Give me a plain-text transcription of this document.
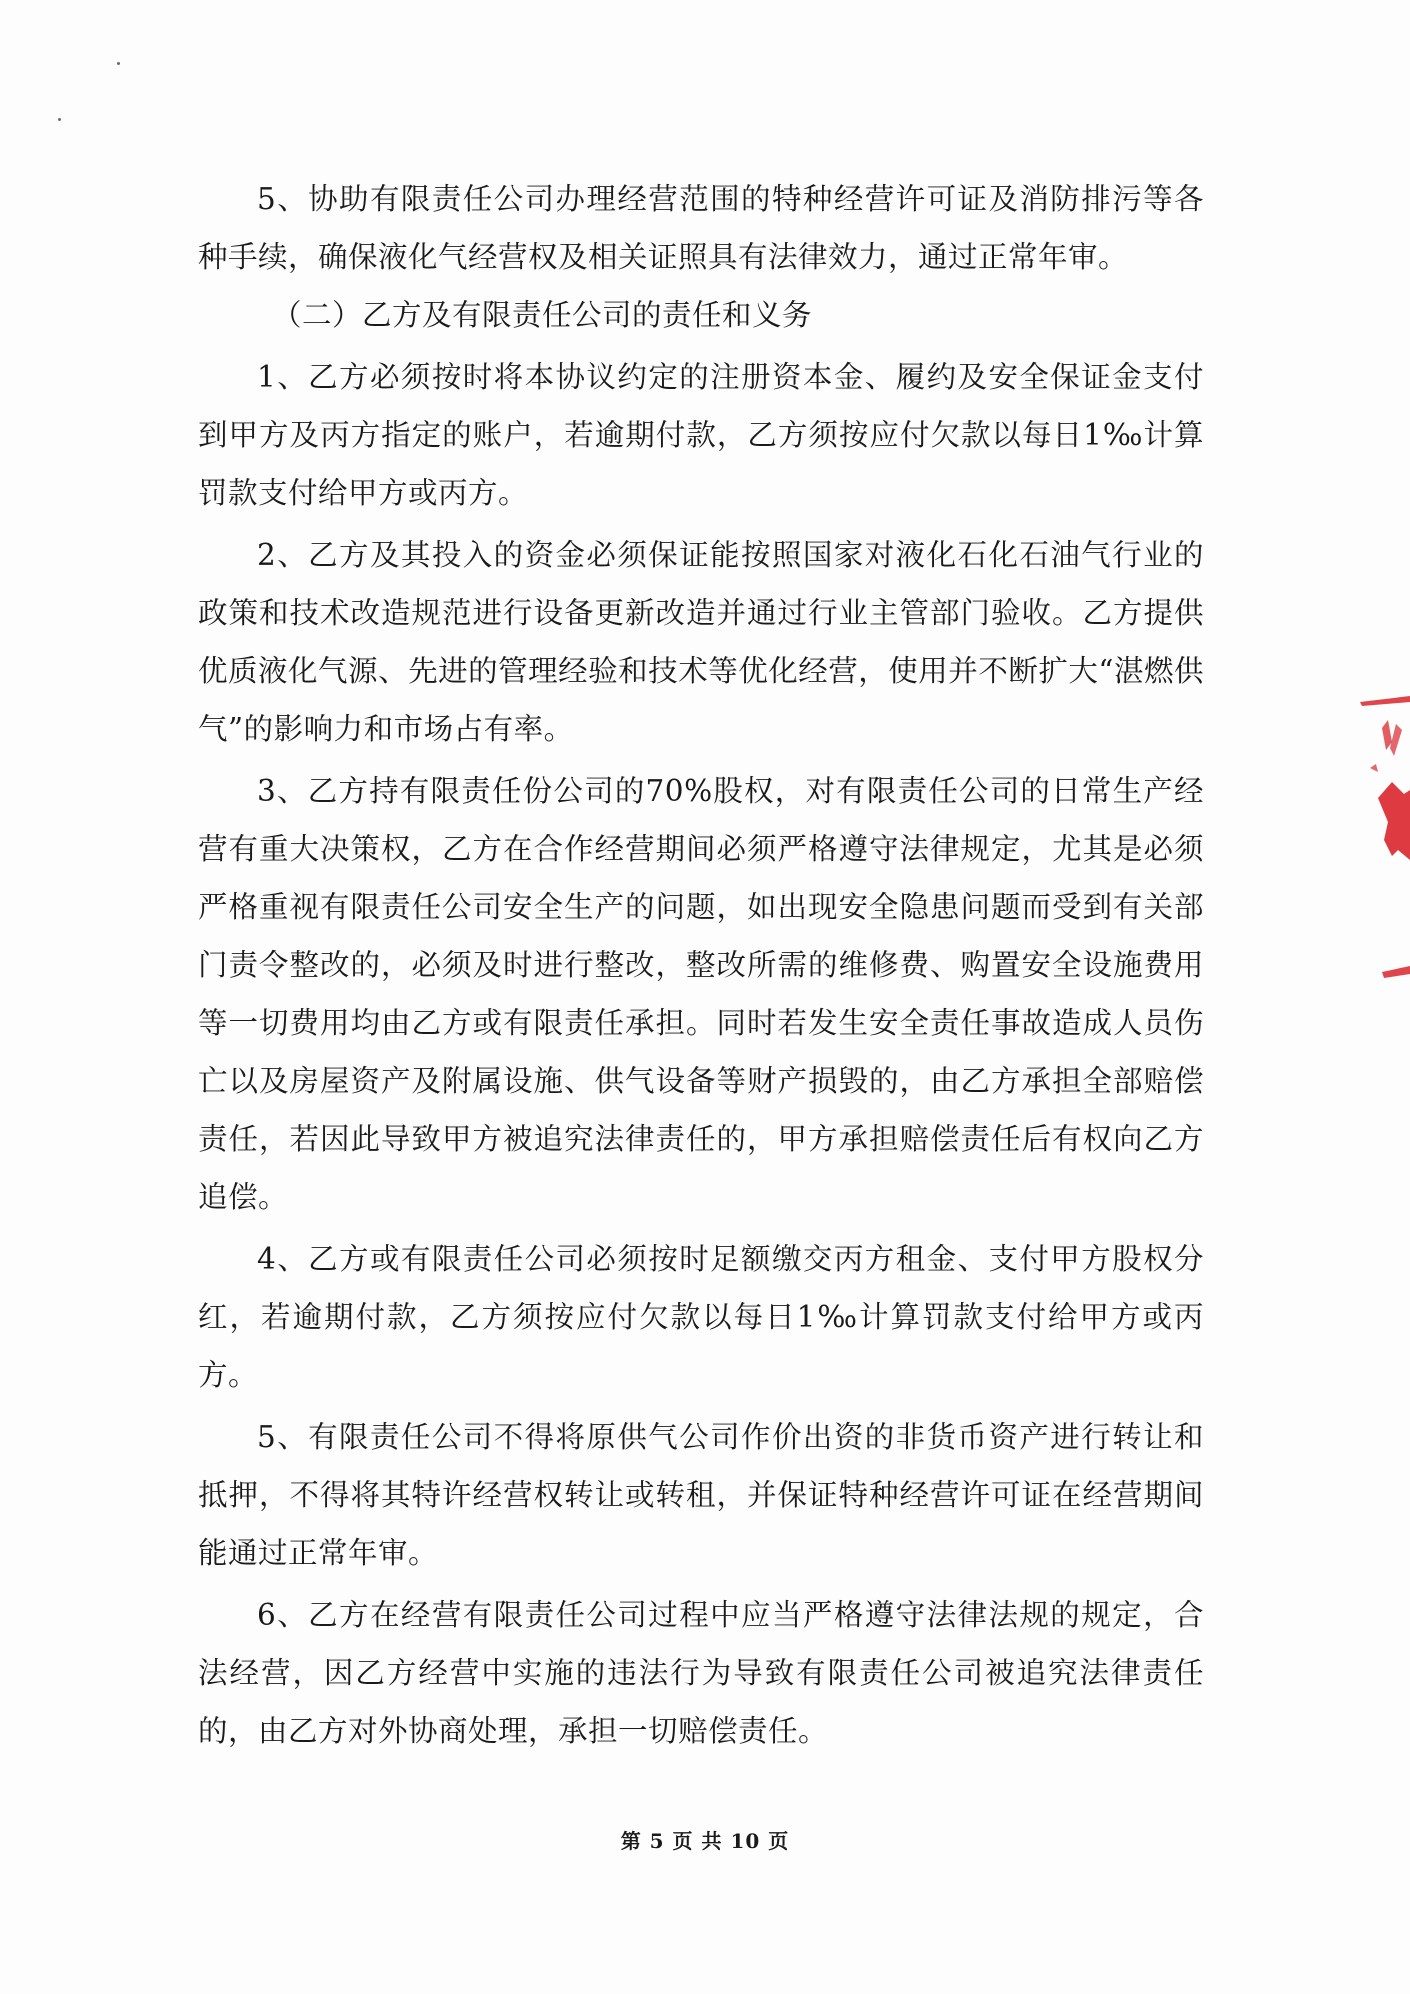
5、协助有限责任公司办理经营范围的特种经营许可证及消防排污等各种手续，确保液化气经营权及相关证照具有法律效力，通过正常年审。

（二）乙方及有限责任公司的责任和义务

1、乙方必须按时将本协议约定的注册资本金、履约及安全保证金支付到甲方及丙方指定的账户，若逾期付款，乙方须按应付欠款以每日1‰计算罚款支付给甲方或丙方。

2、乙方及其投入的资金必须保证能按照国家对液化石化石油气行业的政策和技术改造规范进行设备更新改造并通过行业主管部门验收。乙方提供优质液化气源、先进的管理经验和技术等优化经营，使用并不断扩大“湛燃供气”的影响力和市场占有率。

3、乙方持有限责任份公司的70%股权，对有限责任公司的日常生产经营有重大决策权，乙方在合作经营期间必须严格遵守法律规定，尤其是必须严格重视有限责任公司安全生产的问题，如出现安全隐患问题而受到有关部门责令整改的，必须及时进行整改，整改所需的维修费、购置安全设施费用等一切费用均由乙方或有限责任承担。同时若发生安全责任事故造成人员伤亡以及房屋资产及附属设施、供气设备等财产损毁的，由乙方承担全部赔偿责任，若因此导致甲方被追究法律责任的，甲方承担赔偿责任后有权向乙方追偿。

4、乙方或有限责任公司必须按时足额缴交丙方租金、支付甲方股权分红，若逾期付款，乙方须按应付欠款以每日1‰计算罚款支付给甲方或丙方。

5、有限责任公司不得将原供气公司作价出资的非货币资产进行转让和抵押，不得将其特许经营权转让或转租，并保证特种经营许可证在经营期间能通过正常年审。

6、乙方在经营有限责任公司过程中应当严格遵守法律法规的规定，合法经营，因乙方经营中实施的违法行为导致有限责任公司被追究法律责任的，由乙方对外协商处理，承担一切赔偿责任。

第 5 页 共 10 页
